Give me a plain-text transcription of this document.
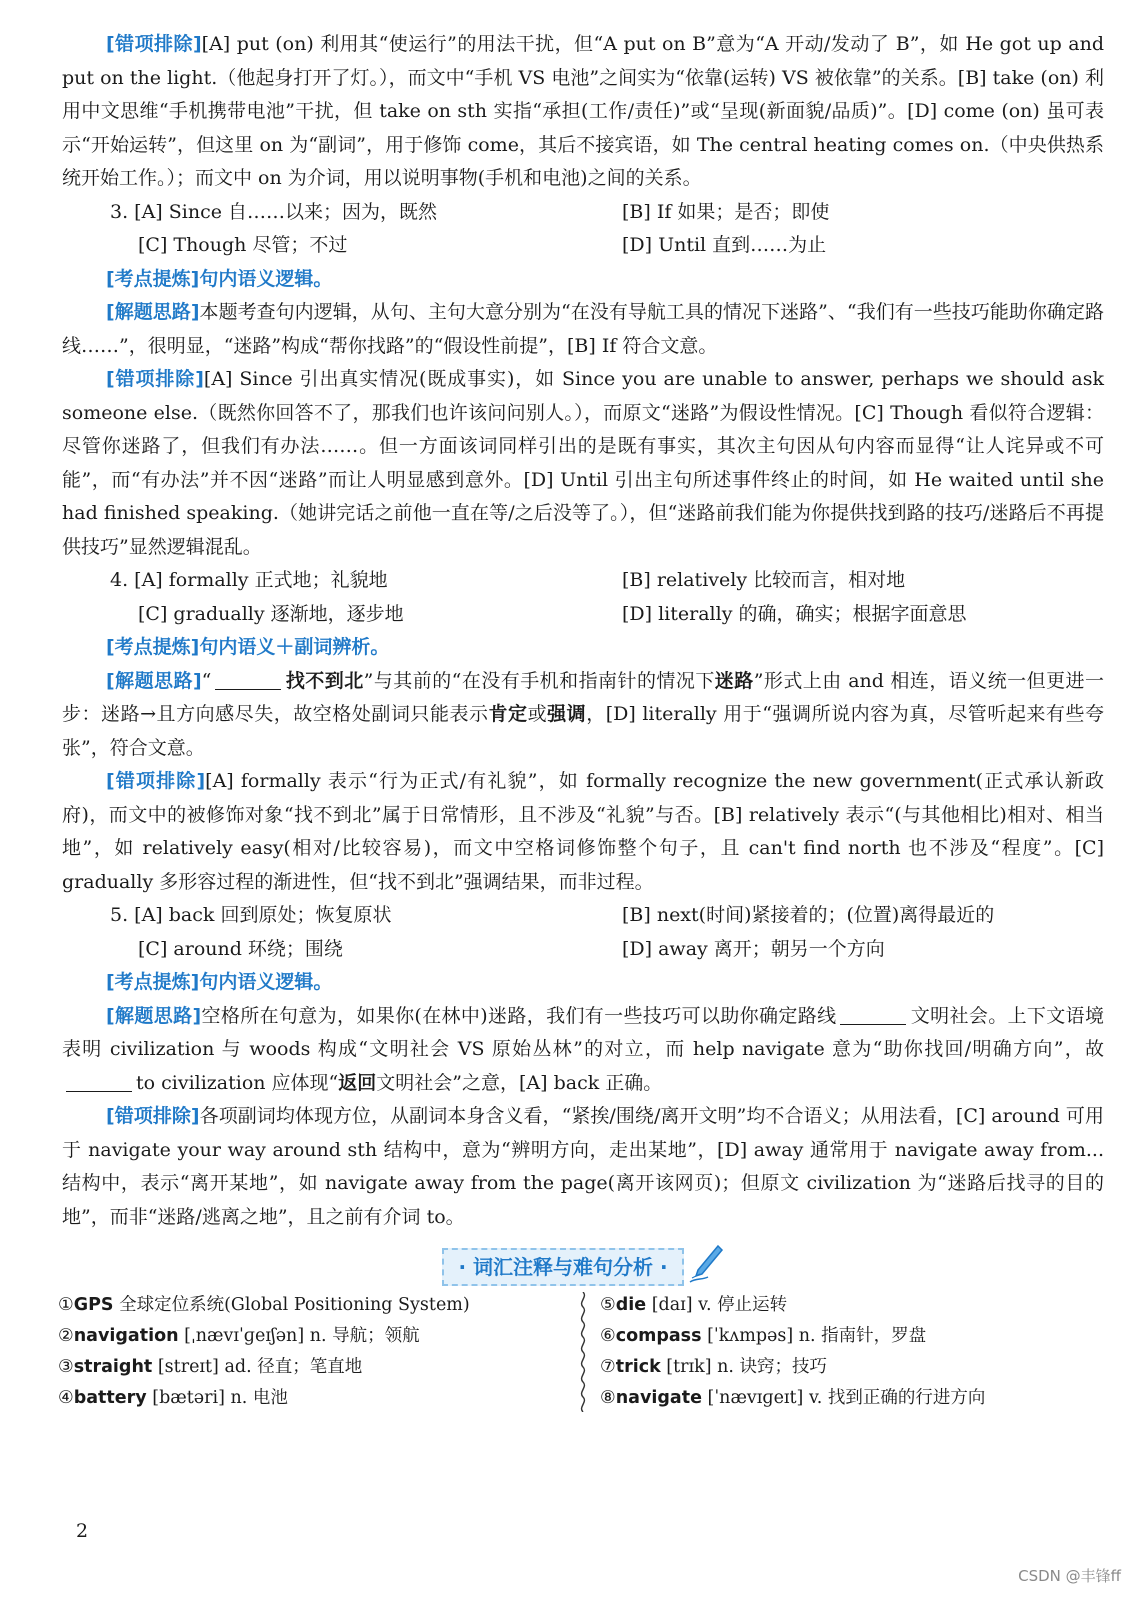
[错项排除][A] put (on) 利用其“使运行”的用法干扰，但“A put on B”意为“A 开动/发动了 B”，如 He got up and put on the light.（他起身打开了灯。），而文中“手机 VS 电池”之间实为“依靠(运转) VS 被依靠”的关系。[B] take (on) 利用中文思维“手机携带电池”干扰，但 take on sth 实指“承担(工作/责任)”或“呈现(新面貌/品质)”。[D] come (on) 虽可表示“开始运转”，但这里 on 为“副词”，用于修饰 come，其后不接宾语，如 The central heating comes on.（中央供热系统开始工作。）；而文中 on 为介词，用以说明事物(手机和电池)之间的关系。

3. [A] Since 自……以来；因为，既然	[B] If 如果；是否；即使
[C] Though 尽管；不过	[D] Until 直到……为止

[考点提炼]句内语义逻辑。

[解题思路]本题考查句内逻辑，从句、主句大意分别为“在没有导航工具的情况下迷路”、“我们有一些技巧能助你确定路线……”，很明显，“迷路”构成“帮你找路”的“假设性前提”，[B] If 符合文意。

[错项排除][A] Since 引出真实情况(既成事实)，如 Since you are unable to answer, perhaps we should ask someone else.（既然你回答不了，那我们也许该问问别人。），而原文“迷路”为假设性情况。[C] Though 看似符合逻辑：尽管你迷路了，但我们有办法……。但一方面该词同样引出的是既有事实，其次主句因从句内容而显得“让人诧异或不可能”，而“有办法”并不因“迷路”而让人明显感到意外。[D] Until 引出主句所述事件终止的时间，如 He waited until she had finished speaking.（她讲完话之前他一直在等/之后没等了。），但“迷路前我们能为你提供找到路的技巧/迷路后不再提供技巧”显然逻辑混乱。

4. [A] formally 正式地；礼貌地	[B] relatively 比较而言，相对地
[C] gradually 逐渐地，逐步地	[D] literally 的确，确实；根据字面意思

[考点提炼]句内语义＋副词辨析。

[解题思路]“	找不到北”与其前的“在没有手机和指南针的情况下迷路”形式上由 and 相连，语义统一但更进一步：迷路→且方向感尽失，故空格处副词只能表示肯定或强调，[D] literally 用于“强调所说内容为真，尽管听起来有些夸张”，符合文意。

[错项排除][A] formally 表示“行为正式/有礼貌”，如 formally recognize the new government(正式承认新政府)，而文中的被修饰对象“找不到北”属于日常情形，且不涉及“礼貌”与否。[B] relatively 表示“(与其他相比)相对、相当地”，如 relatively easy(相对/比较容易)，而文中空格词修饰整个句子，且 can't find north 也不涉及“程度”。[C] gradually 多形容过程的渐进性，但“找不到北”强调结果，而非过程。

5. [A] back 回到原处；恢复原状	[B] next(时间)紧接着的；(位置)离得最近的
[C] around 环绕；围绕	[D] away 离开；朝另一个方向

[考点提炼]句内语义逻辑。

[解题思路]空格所在句意为，如果你(在林中)迷路，我们有一些技巧可以助你确定路线	文明社会。上下文语境表明 civilization 与 woods 构成“文明社会 VS 原始丛林”的对立，而 help navigate 意为“助你找回/明确方向”，故to civilization 应体现“返回文明社会”之意，[A] back 正确。

[错项排除]各项副词均体现方位，从副词本身含义看，“紧挨/围绕/离开文明”均不合语义；从用法看，[C] around 可用于 navigate your way around sth 结构中，意为“辨明方向，走出某地”，[D] away 通常用于 navigate away from... 结构中，表示“离开某地”，如 navigate away from the page(离开该网页)；但原文 civilization 为“迷路后找寻的目的地”，而非“迷路/逃离之地”，且之前有介词 to。

· 词汇注释与难句分析 ·
①GPS 全球定位系统(Global Positioning System)
②navigation [ˌnævɪˈɡeɪʃən] n. 导航；领航
③straight [streɪt] ad. 径直；笔直地
④battery [bætəri] n. 电池
⑤die [daɪ] v. 停止运转
⑥compass [ˈkʌmpəs] n. 指南针，罗盘
⑦trick [trɪk] n. 诀窍；技巧
⑧navigate [ˈnævɪɡeɪt] v. 找到正确的行进方向
2
CSDN @丰锋ff
